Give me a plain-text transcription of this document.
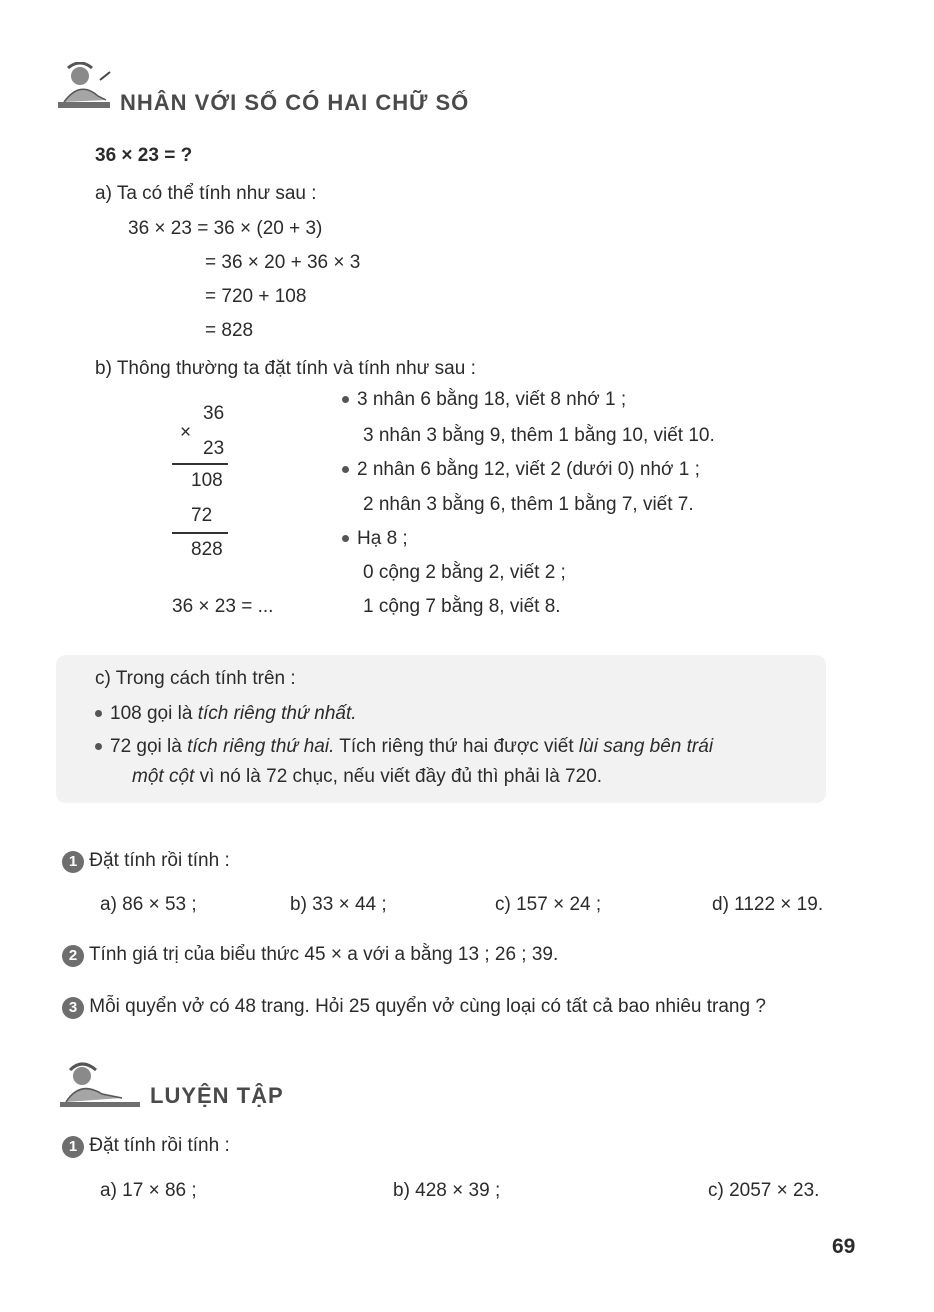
NHÂN VỚI SỐ CÓ HAI CHỮ SỐ
36 × 23 = ?
a) Ta có thể tính như sau :
36 × 23 = 36 × (20 + 3)
= 36 × 20 + 36 × 3
= 720 + 108
= 828
b) Thông thường ta đặt tính và tính như sau :
36
×
23
108
72
828
36 × 23 = ...
3 nhân 6 bằng 18, viết 8 nhớ 1 ;
3 nhân 3 bằng 9, thêm 1 bằng 10, viết 10.
2 nhân 6 bằng 12, viết 2 (dưới 0) nhớ 1 ;
2 nhân 3 bằng 6, thêm 1 bằng 7, viết 7.
Hạ 8 ;
0 cộng 2 bằng 2, viết 2 ;
1 cộng 7 bằng 8, viết 8.
c) Trong cách tính trên :
108 gọi là tích riêng thứ nhất.
72 gọi là tích riêng thứ hai. Tích riêng thứ hai được viết lùi sang bên trái
một cột vì nó là 72 chục, nếu viết đầy đủ thì phải là 720.
1 Đặt tính rồi tính :
a) 86 × 53 ;	b) 33 × 44 ;	c) 157 × 24 ;	d) 1122 × 19.
2 Tính giá trị của biểu thức 45 × a với a bằng 13 ; 26 ; 39.
3 Mỗi quyển vở có 48 trang. Hỏi 25 quyển vở cùng loại có tất cả bao nhiêu trang ?
LUYỆN TẬP
1 Đặt tính rồi tính :
a) 17 × 86 ;	b) 428 × 39 ;	c) 2057 × 23.
69
